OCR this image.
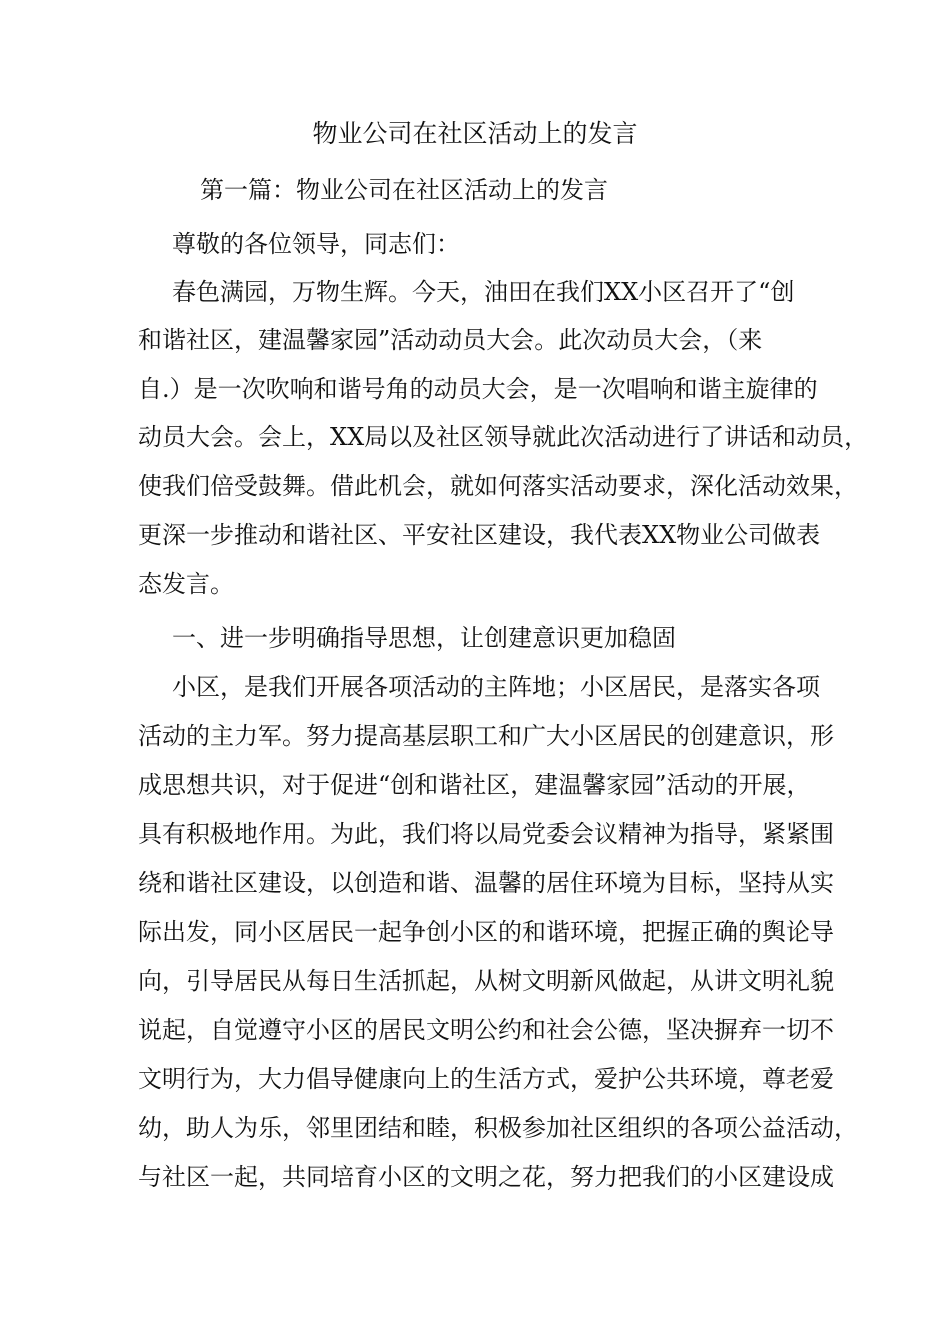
物业公司在社区活动上的发言
第一篇：物业公司在社区活动上的发言
尊敬的各位领导，同志们：
春色满园，万物生辉。今天，油田在我们XX小区召开了“创
和谐社区，建温馨家园”活动动员大会。此次动员大会，（来
自.）是一次吹响和谐号角的动员大会，是一次唱响和谐主旋律的
动员大会。会上，XX局以及社区领导就此次活动进行了讲话和动员，
使我们倍受鼓舞。借此机会，就如何落实活动要求，深化活动效果，
更深一步推动和谐社区、平安社区建设，我代表XX物业公司做表
态发言。
一、进一步明确指导思想，让创建意识更加稳固
小区，是我们开展各项活动的主阵地；小区居民，是落实各项
活动的主力军。努力提高基层职工和广大小区居民的创建意识，形
成思想共识，对于促进“创和谐社区，建温馨家园”活动的开展，
具有积极地作用。为此，我们将以局党委会议精神为指导，紧紧围
绕和谐社区建设，以创造和谐、温馨的居住环境为目标，坚持从实
际出发，同小区居民一起争创小区的和谐环境，把握正确的舆论导
向，引导居民从每日生活抓起，从树文明新风做起，从讲文明礼貌
说起，自觉遵守小区的居民文明公约和社会公德，坚决摒弃一切不
文明行为，大力倡导健康向上的生活方式，爱护公共环境，尊老爱
幼，助人为乐，邻里团结和睦，积极参加社区组织的各项公益活动，
与社区一起，共同培育小区的文明之花，努力把我们的小区建设成
